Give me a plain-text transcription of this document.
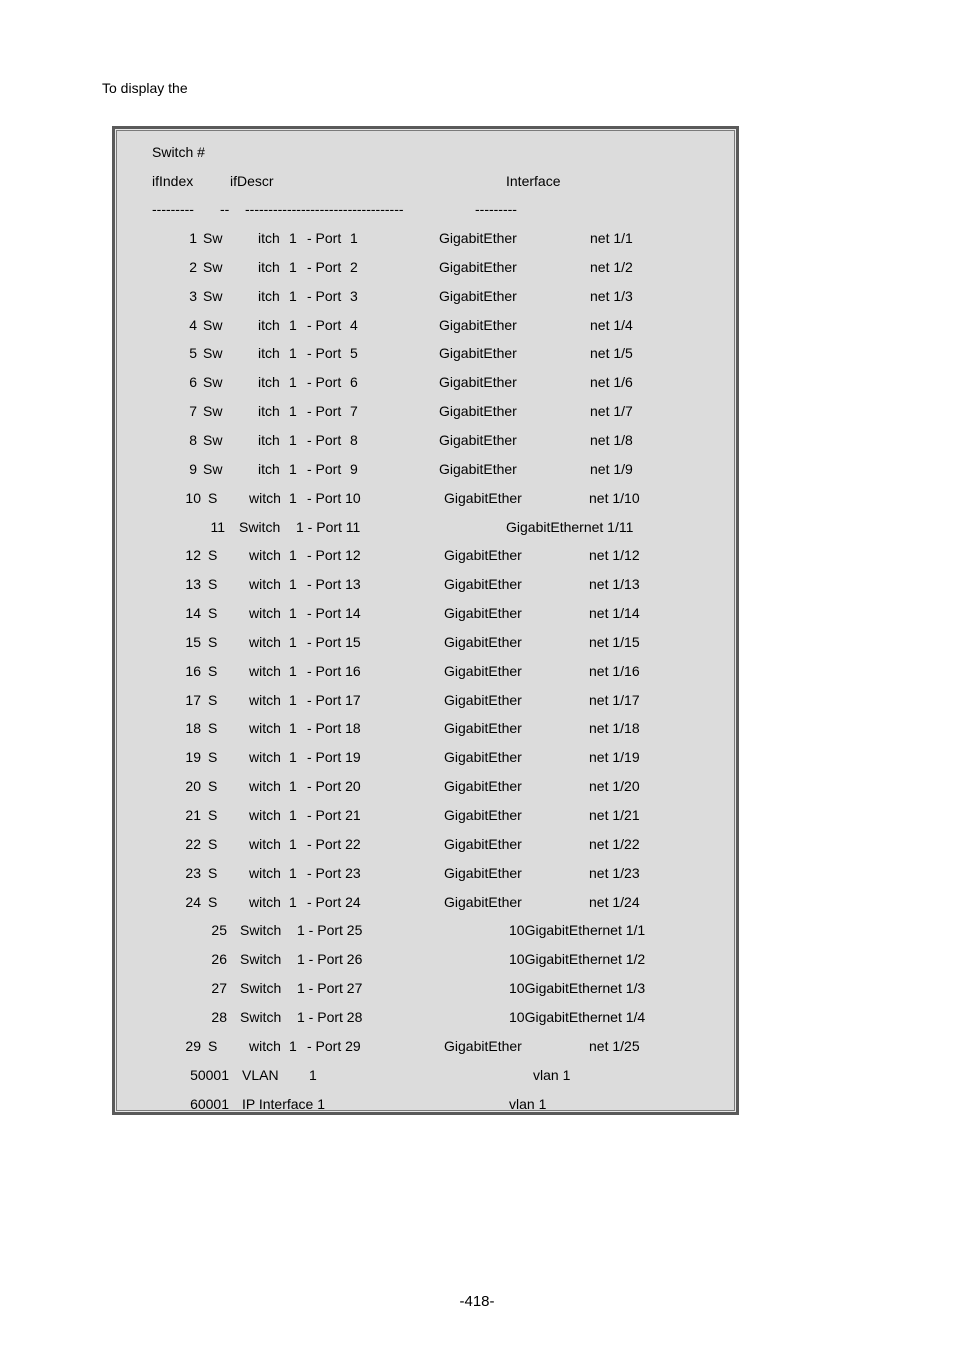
To display the
Switch #
ifIndex	ifDescr	Interface
--------- -- ----------------------------------	---------
1 Sw	itch 1 - Port 1	GigabitEther	net 1/1
2 Sw	itch 1 - Port 2	GigabitEther	net 1/2
3 Sw	itch 1 - Port 3	GigabitEther	net 1/3
4 Sw	itch 1 - Port 4	GigabitEther	net 1/4
5 Sw	itch 1 - Port 5	GigabitEther	net 1/5
6 Sw	itch 1 - Port 6	GigabitEther	net 1/6
7 Sw	itch 1 - Port 7	GigabitEther	net 1/7
8 Sw	itch 1 - Port 8	GigabitEther	net 1/8
9 Sw	itch 1 - Port 9	GigabitEther	net 1/9
10 S witch 1 - Port 10	GigabitEther	net 1/10
11 Switch 1 - Port 11	GigabitEthernet 1/11
12 S witch 1 - Port 12	GigabitEther	net 1/12
13 S witch 1 - Port 13	GigabitEther	net 1/13
14 S witch 1 - Port 14	GigabitEther	net 1/14
15 S witch 1 - Port 15	GigabitEther	net 1/15
16 S witch 1 - Port 16	GigabitEther	net 1/16
17 S witch 1 - Port 17	GigabitEther	net 1/17
18 S witch 1 - Port 18	GigabitEther	net 1/18
19 S witch 1 - Port 19	GigabitEther	net 1/19
20 S witch 1 - Port 20	GigabitEther	net 1/20
21 S witch 1 - Port 21	GigabitEther	net 1/21
22 S witch 1 - Port 22	GigabitEther	net 1/22
23 S witch 1 - Port 23	GigabitEther	net 1/23
24 S witch 1 - Port 24	GigabitEther	net 1/24
25 Switch 1 - Port 25	10GigabitEthernet 1/1
26 Switch 1 - Port 26	10GigabitEthernet 1/2
27 Switch 1 - Port 27	10GigabitEthernet 1/3
28 Switch 1 - Port 28	10GigabitEthernet 1/4
29 S witch 1 - Port 29	GigabitEther	net 1/25
50001 VLAN 1	vlan 1
60001 IP Interface 1	vlan 1
-418-
